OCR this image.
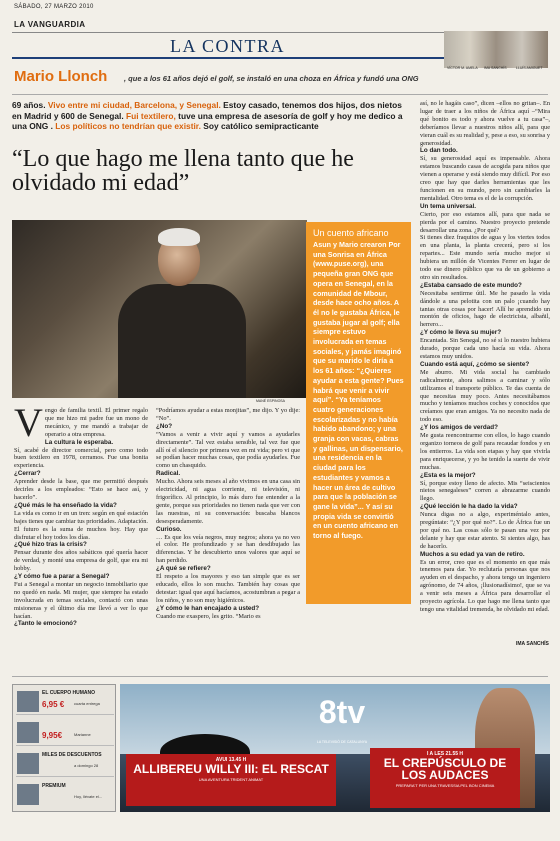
SÁBADO, 27 MARZO 2010
LA VANGUARDIA
LA CONTRA
VÍCTOR M. AMELA IMA SANCHÍS	LLUÍS AMIGUET
Mario Llonch , que a los 61 años dejó el golf, se instaló en una choza en África y fundó una ONG
69 años. Vivo entre mi ciudad, Barcelona, y Senegal. Estoy casado, tenemos dos hijos, dos nietos en Madrid y 600 de Senegal. Fui textilero, tuve una empresa de asesoría de golf y hoy me dedico a una ONG . Los políticos no tendrían que existir. Soy católico semipracticante
“Lo que hago me llena tanto que he olvidado mi edad”
MANÉ ESPINOSA
Un cuento africano
Asun y Mario crearon Por una Sonrisa en África (www.puse.org), una pequeña gran ONG que opera en Senegal, en la comunidad de Mbour, desde hace ocho años. A él no le gustaba África, le gustaba jugar al golf; ella siempre estuvo involucrada en temas sociales, y jamás imaginó que su marido le diría a los 61 años: “¿Quieres ayudar a esta gente? Pues habrá que venir a vivir aquí”. “Ya teníamos cuatro generaciones escolarizadas y no había habido abandono; y una granja con vacas, cabras y gallinas, un dispensario, una residencia en la ciudad para los estudiantes y vamos a hacer un área de cultivo para que la población se gane la vida”... Y así su propia vida se convirtió en un cuento africano en torno al fuego.
Vengo de familia textil. El primer regalo que me hizo mi padre fue un mono de mecánico, y me mandó a trabajar de operario a otra empresa.
La cultura le esperaba.
Sí, acabé de director comercial, pero como todo buen textilero en 1978, cerramos. Fue una bonita experiencia.
¿Cerrar?
Aprender desde la base, que me permitió después decirles a los empleados: “Esto se hace así, y hacerlo”.
¿Qué más le ha enseñado la vida?
La vida es como ir en un tren: según en qué estación bajes tienes que cambiar tus prioridades. Adaptación. El futuro es la suma de muchos hoy. Hay que disfrutar el hoy todos los días.
¿Qué hizo tras la crisis?
Pensar durante dos años sabáticos qué quería hacer de verdad, y monté una empresa de golf, que era mi hobby.
¿Y cómo fue a parar a Senegal?
Fui a Senegal a montar un negocio inmobiliario que no quedó en nada. Mi mujer, que siempre ha estado involucrada en temas sociales, contactó con unas misioneras y el último día me llevó a ver lo que hacían.
¿Tanto le emocionó?
“Podríamos ayudar a estas monjitas”, me dijo. Y yo dije: “No”.
¿No?
“Vamos a venir a vivir aquí y vamos a ayudarles directamente”. Tal vez estaba sensible, tal vez fue que allí oí el silencio por primera vez en mi vida; pero vi que se podían hacer muchas cosas, que podía ayudarles. Fue como un chasquido.
Radical.
Mucho. Ahora seis meses al año vivimos en una casa sin electricidad, ni agua corriente, ni televisión, ni frigorífico. Al principio, lo más duro fue entender a la gente, porque sus prioridades no tienen nada que ver con las nuestras, ni su conversación: buscaba blancos desesperadamente.
Curioso.
… Es que los veía negros, muy negros; ahora ya no veo el color. He profundizado y se han desdibujado las diferencias. Y he descubierto unos valores que aquí se han perdido.
¿A qué se refiere?
El respeto a los mayores y eso tan simple que es ser educado, ellos lo son mucho. También hay cosas que detestar: igual que aquí hacíamos, acostumbran a pegar a los niños, y no son muy higiénicos.
¿Y cómo le han encajado a usted?
Cuando me exaspero, les grito. “Mario es
así, no le hagáis caso”, dicen –ellos no gritan–. En lugar de traer a los niños de África aquí –“Mira qué bonito es todo y ahora vuelve a tu casa”–, deberíamos llevar a nuestros niños allí, para que vieran cuál es su realidad y, pese a eso, su sonrisa y generosidad.
Lo dan todo.
Sí, su generosidad aquí es impensable. Ahora estamos buscando casas de acogida para niños que vienen a operarse y está siendo muy difícil. Por eso creo que hay que darles herramientas que les funcionen en su mundo, pero sin cambiarles la mentalidad. Otro tema es el de la corrupción.
Un tema universal.
Cierto, por eso estamos allí, para que nada se pierda por el camino. Nuestro proyecto pretende desarrollar una zona. ¿Por qué?
Si tienes diez fraquitos de agua y los viertes todos en una planta, la planta crecerá, pero si los repartes... Este mundo sería mucho mejor si hubiera un millón de Vicentes Ferrer en lugar de todo ese dinero público que va de un gobierno a otro sin resultados.
¿Estaba cansado de este mundo?
Necesitaba sentirme útil. Me he pasado la vida dándole a una pelotita con un palo ¡cuando hay tantas otras cosas por hacer! Allí he aprendido un montón de oficios, hago de electricista, albañil, herrero...
¿Y cómo le lleva su mujer?
Encantada. Sin Senegal, no sé si lo nuestro hubiera durado, porque cada uno hacía su vida. Ahora estamos muy unidos.
Cuando está aquí, ¿cómo se siente?
Me aburro. Mi vida social ha cambiado radicalmente, ahora salimos a caminar y sólo utilizamos el transporte público. Te das cuenta de que necesitas muy poco. Antes necesitábamos mucho y teníamos muchos coches y conocidos que creíamos que eran amigos. Ya no necesito nada de todo eso.
¿Y los amigos de verdad?
Me gusta reencontrarme con ellos, lo hago cuando organizo torneos de golf para recaudar fondos y en los entierros. La vida son etapas y hay que vivirla para enriquecerse, y yo he tenido la suerte de vivir muchas.
¿Esta es la mejor?
Sí, porque estoy lleno de afecto. Mis “seiscientos nietos senegaleses” corren a abrazarme cuando llego.
¿Qué lección le ha dado la vida?
Nunca digas no a algo, experiméntalo antes, pregúntate: “¿Y por qué no?”. Lo de África fue un por qué no. Las cosas sólo te pasan una vez por delante y hay que estar atento. Si sientes algo, has de hacerlo.
Muchos a su edad ya van de retiro.
Es un error, creo que es el momento en que más tenemos para dar. Yo reclutaría personas que nos ayuden en el despacho, y ahora tengo un ingeniero agrónomo, de 74 años, ¡llusionadísimo!, que se va a venir seis meses a África para desarrollar el proyecto agrícola. Lo que hago me llena tanto que tengo una vitalidad tremenda, he olvidado mi edad.
IMA SANCHÍS
EL CUERPO HUMANO
6,95 € cuarta entrega
9,95€	Marianne
MILES DE DESCUENTOS
a domingo 28
PREMIUM
Hoy, llévate el...
8tv
LA TELEVISIÓ DE CATALUNYA
AVUI 13.45 H
ALLIBEREU WILLY III: EL RESCAT
UNA AVENTURA TRIDENT ANIMAT
I A LES 21.55 H
EL CREPÚSCULO DE LOS AUDACES
PREPARA'T PER UNA TRAVESSIA PEL BON CINEMA
